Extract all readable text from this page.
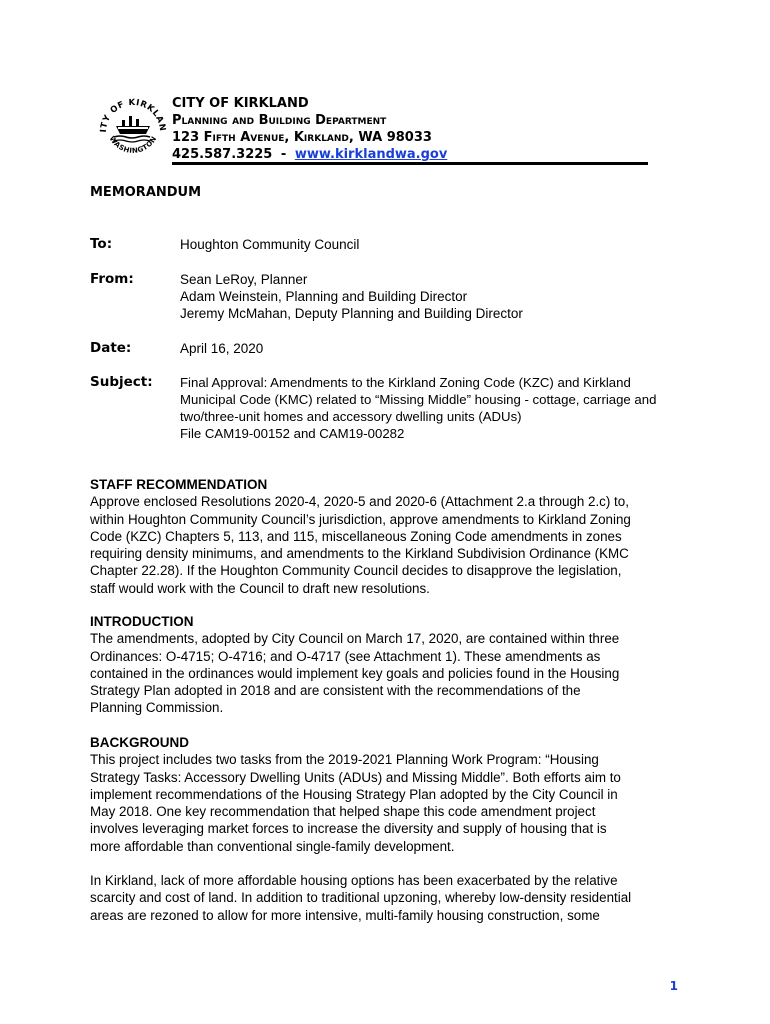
ITY OF KIRKLAN
WASHINGTON
CITY OF KIRKLAND
Planning and Building Department
123 Fifth Avenue, Kirkland, WA 98033
425.587.3225 - www.kirklandwa.gov
MEMORANDUM
To:	Houghton Community Council
From:	Sean LeRoy, Planner
Adam Weinstein, Planning and Building Director
Jeremy McMahan, Deputy Planning and Building Director
Date:	April 16, 2020
Subject: Final Approval: Amendments to the Kirkland Zoning Code (KZC) and Kirkland
Municipal Code (KMC) related to “Missing Middle” housing - cottage, carriage and
two/three-unit homes and accessory dwelling units (ADUs)
File CAM19-00152 and CAM19-00282
STAFF RECOMMENDATION

Approve enclosed Resolutions 2020-4, 2020-5 and 2020-6 (Attachment 2.a through 2.c) to,

within Houghton Community Council’s jurisdiction, approve amendments to Kirkland Zoning

Code (KZC) Chapters 5, 113, and 115, miscellaneous Zoning Code amendments in zones

requiring density minimums, and amendments to the Kirkland Subdivision Ordinance (KMC

Chapter 22.28). If the Houghton Community Council decides to disapprove the legislation,

staff would work with the Council to draft new resolutions.

INTRODUCTION

The amendments, adopted by City Council on March 17, 2020, are contained within three

Ordinances: O-4715; O-4716; and O-4717 (see Attachment 1). These amendments as

contained in the ordinances would implement key goals and policies found in the Housing

Strategy Plan adopted in 2018 and are consistent with the recommendations of the

Planning Commission.

BACKGROUND

This project includes two tasks from the 2019-2021 Planning Work Program: “Housing

Strategy Tasks: Accessory Dwelling Units (ADUs) and Missing Middle”. Both efforts aim to

implement recommendations of the Housing Strategy Plan adopted by the City Council in

May 2018. One key recommendation that helped shape this code amendment project

involves leveraging market forces to increase the diversity and supply of housing that is

more affordable than conventional single-family development.

In Kirkland, lack of more affordable housing options has been exacerbated by the relative

scarcity and cost of land. In addition to traditional upzoning, whereby low-density residential

areas are rezoned to allow for more intensive, multi-family housing construction, some

1
